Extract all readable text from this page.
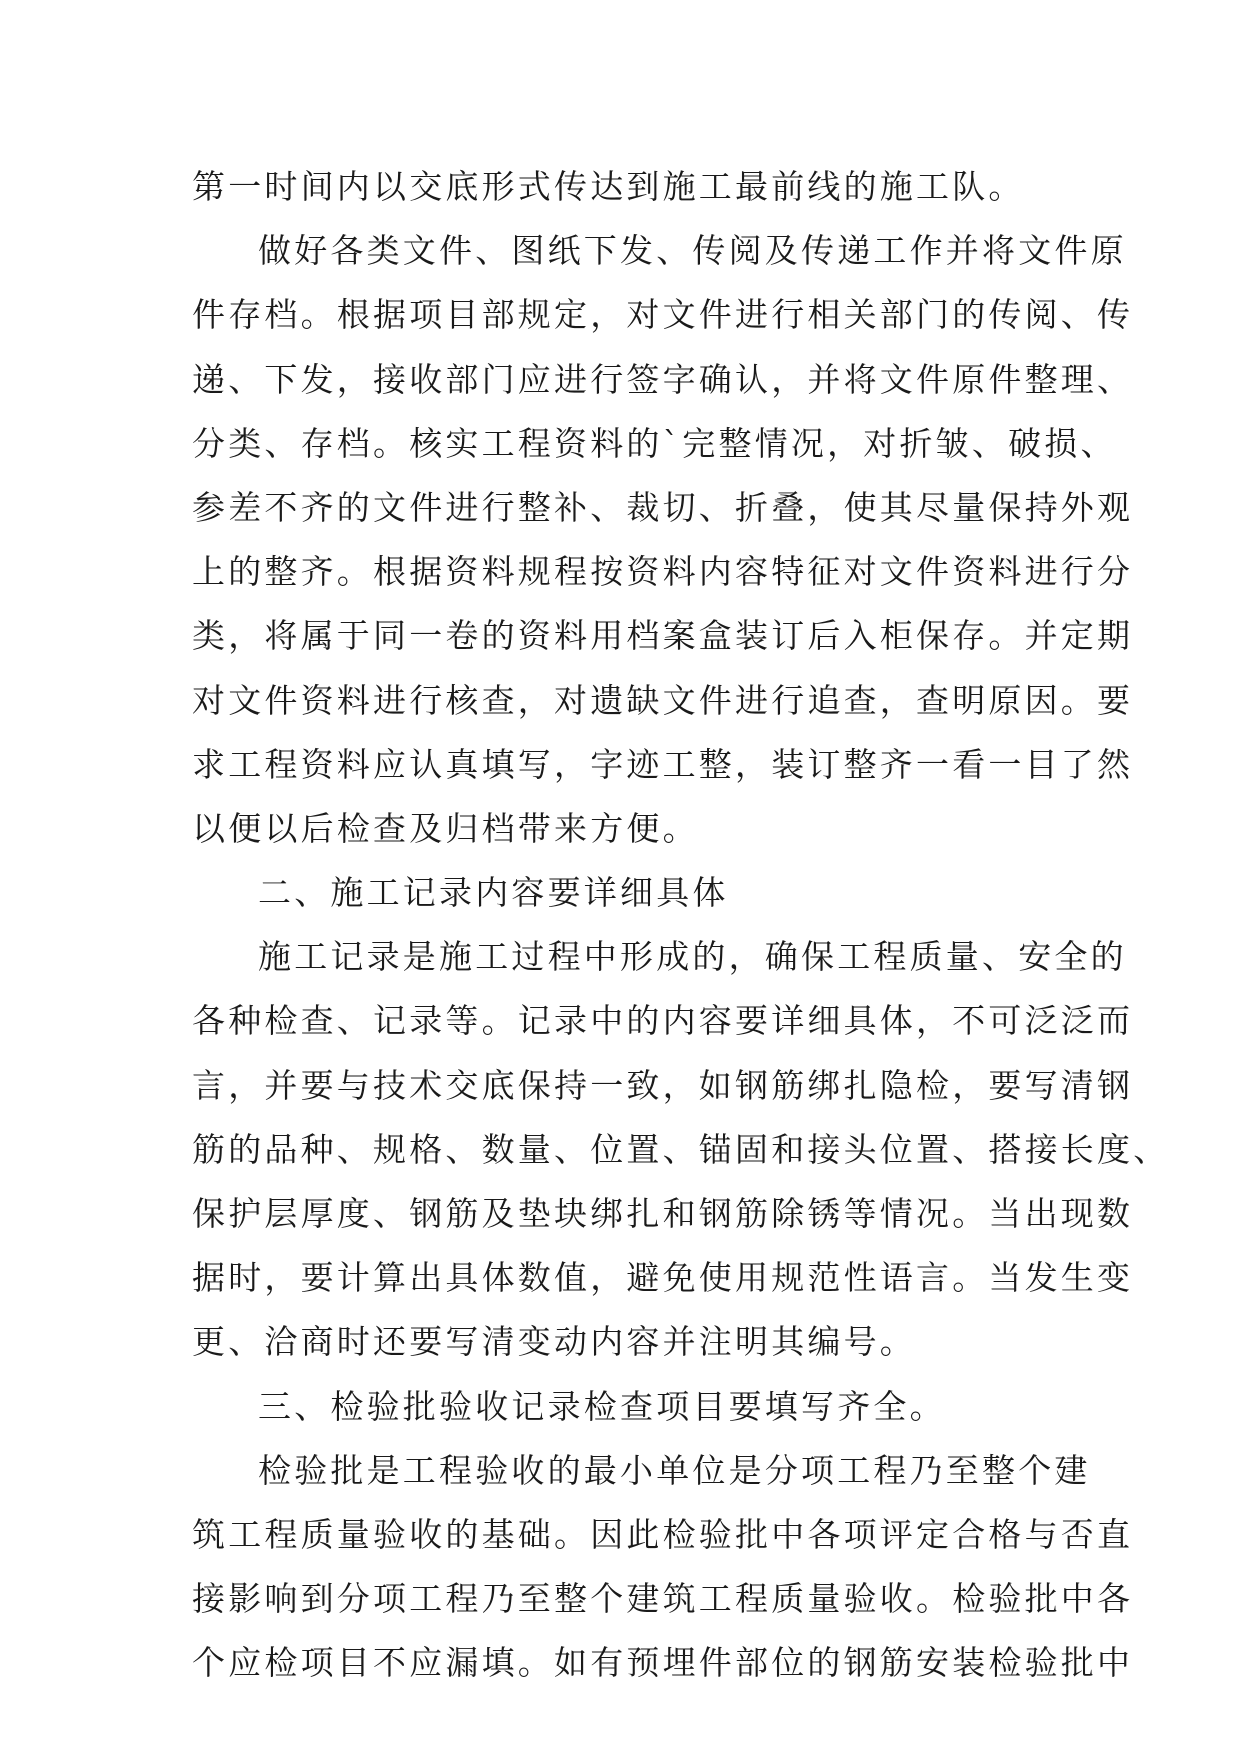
第一时间内以交底形式传达到施工最前线的施工队。
做好各类文件、图纸下发、传阅及传递工作并将文件原
件存档。根据项目部规定，对文件进行相关部门的传阅、传
递、下发，接收部门应进行签字确认，并将文件原件整理、
分类、存档。核实工程资料的`完整情况，对折皱、破损、
参差不齐的文件进行整补、裁切、折叠，使其尽量保持外观
上的整齐。根据资料规程按资料内容特征对文件资料进行分
类，将属于同一卷的资料用档案盒装订后入柜保存。并定期
对文件资料进行核查，对遗缺文件进行追查，查明原因。要
求工程资料应认真填写，字迹工整，装订整齐一看一目了然
以便以后检查及归档带来方便。
二、施工记录内容要详细具体
施工记录是施工过程中形成的，确保工程质量、安全的
各种检查、记录等。记录中的内容要详细具体，不可泛泛而
言，并要与技术交底保持一致，如钢筋绑扎隐检，要写清钢
筋的品种、规格、数量、位置、锚固和接头位置、搭接长度、
保护层厚度、钢筋及垫块绑扎和钢筋除锈等情况。当出现数
据时，要计算出具体数值，避免使用规范性语言。当发生变
更、洽商时还要写清变动内容并注明其编号。
三、检验批验收记录检查项目要填写齐全。
检验批是工程验收的最小单位是分项工程乃至整个建
筑工程质量验收的基础。因此检验批中各项评定合格与否直
接影响到分项工程乃至整个建筑工程质量验收。检验批中各
个应检项目不应漏填。如有预埋件部位的钢筋安装检验批中
